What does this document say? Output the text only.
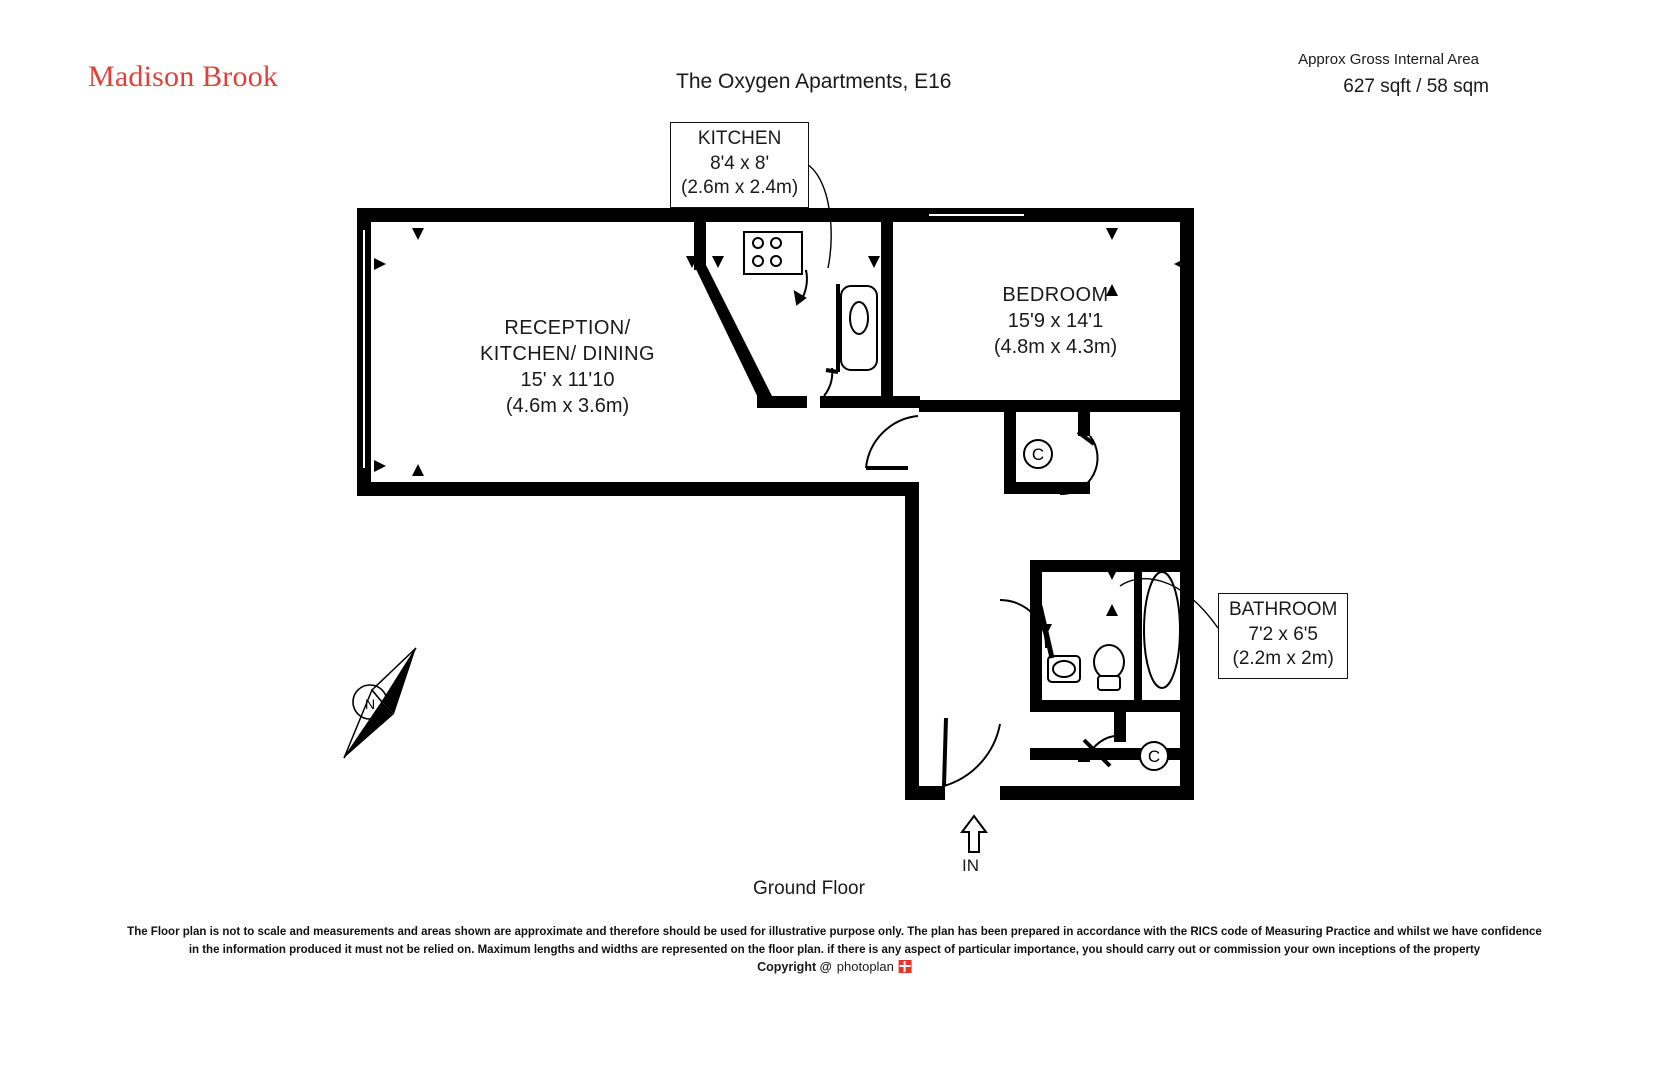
Madison Brook	The Oxygen Apartments, E16
Approx Gross Internal Area
627 sqft / 58 sqm
C
C
N
RECEPTION/
KITCHEN/ DINING
15' x 11'10
(4.6m x 3.6m)
BEDROOM
15'9 x 14'1
(4.8m x 4.3m)
KITCHEN
8'4 x 8'
(2.6m x 2.4m)
BATHROOM
7'2 x 6'5
(2.2m x 2m)
IN
Ground Floor
The Floor plan is not to scale and measurements and areas shown are approximate and therefore should be used for illustrative purpose only. The plan has been prepared in accordance with the RICS code of Measuring Practice and whilst we have confidence in the information produced it must not be relied on. Maximum lengths and widths are represented on the floor plan. if there is any aspect of particular importance, you should carry out or commission your own inceptions of the property
Copyright @ photoplan
